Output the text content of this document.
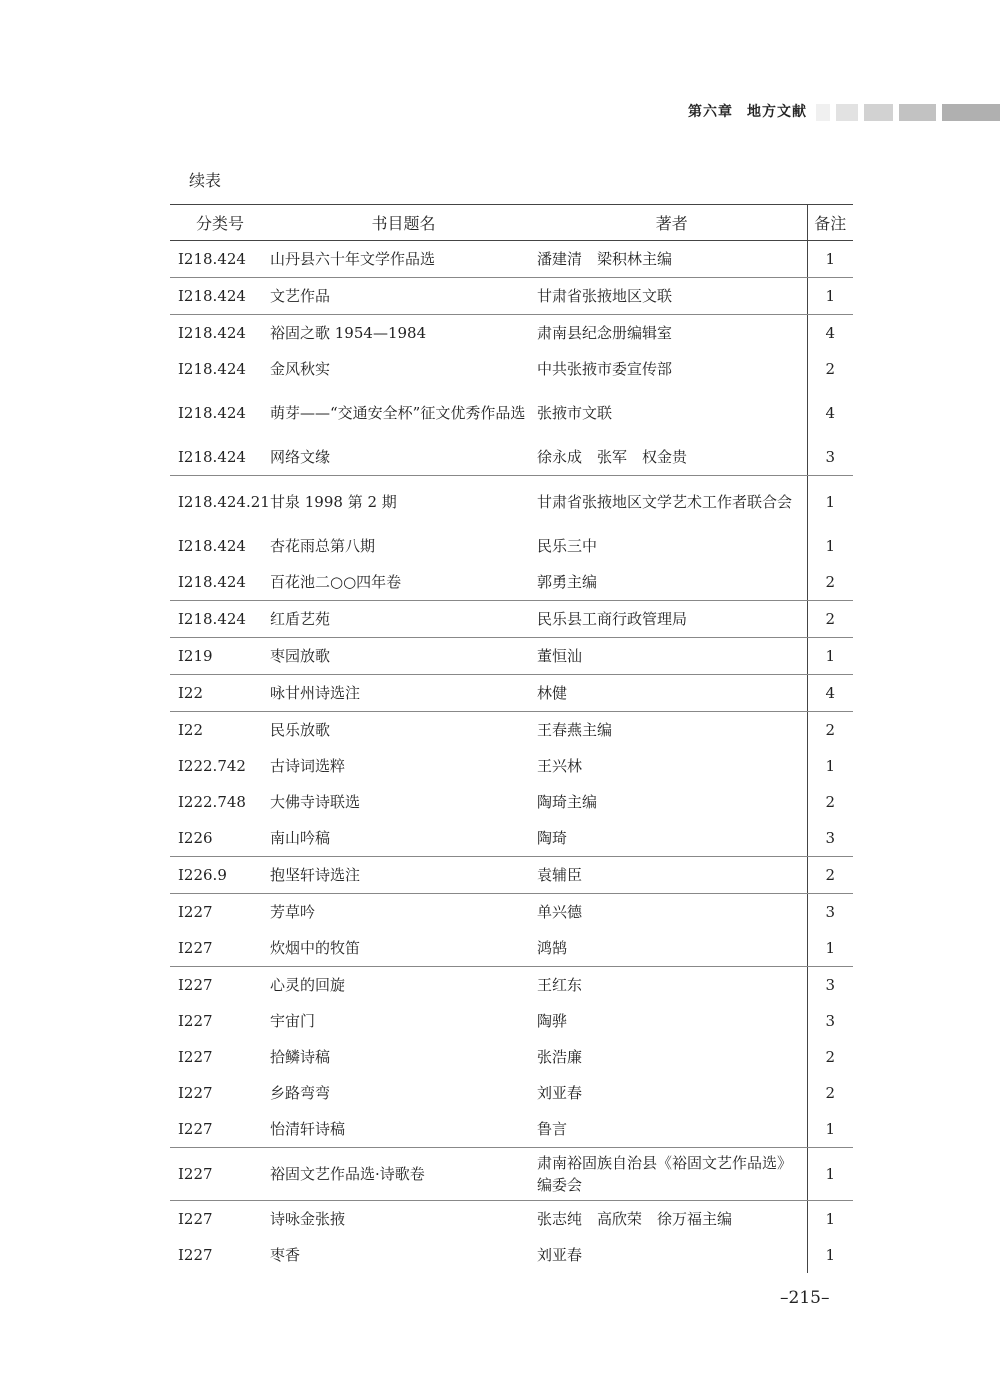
第六章 地方文献
续表
分类号	书目题名	著者	备注
I218.424	山丹县六十年文学作品选	潘建清　梁积林主编	1
I218.424	文艺作品	甘肃省张掖地区文联	1
I218.424	裕固之歌 1954—1984	肃南县纪念册编辑室	4
I218.424	金风秋实	中共张掖市委宣传部	2
I218.424	萌芽——“交通安全杯”征文优秀作品选	张掖市文联	4
I218.424	网络文缘	徐永成　张军　权金贵	3
I218.424.21	甘泉 1998 第 2 期	甘肃省张掖地区文学艺术工作者联合会	1
I218.424	杏花雨总第八期	民乐三中	1
I218.424	百花池二○○四年卷	郭勇主编	2
I218.424	红盾艺苑	民乐县工商行政管理局	2
I219	枣园放歌	董恒汕	1
I22	咏甘州诗选注	林健	4
I22	民乐放歌	王春燕主编	2
I222.742	古诗词选粹	王兴林	1
I222.748	大佛寺诗联选	陶琦主编	2
I226	南山吟稿	陶琦	3
I226.9	抱坚轩诗选注	袁辅臣	2
I227	芳草吟	单兴德	3
I227	炊烟中的牧笛	鸿鹄	1
I227	心灵的回旋	王红东	3
I227	宇宙门	陶骅	3
I227	拾鳞诗稿	张浩廉	2
I227	乡路弯弯	刘亚春	2
I227	怡清轩诗稿	鲁言	1
I227	裕固文艺作品选·诗歌卷	肃南裕固族自治县《裕固文艺作品选》编委会	1
I227	诗咏金张掖	张志纯　高欣荣　徐万福主编	1
I227	枣香	刘亚春	1
–215–
